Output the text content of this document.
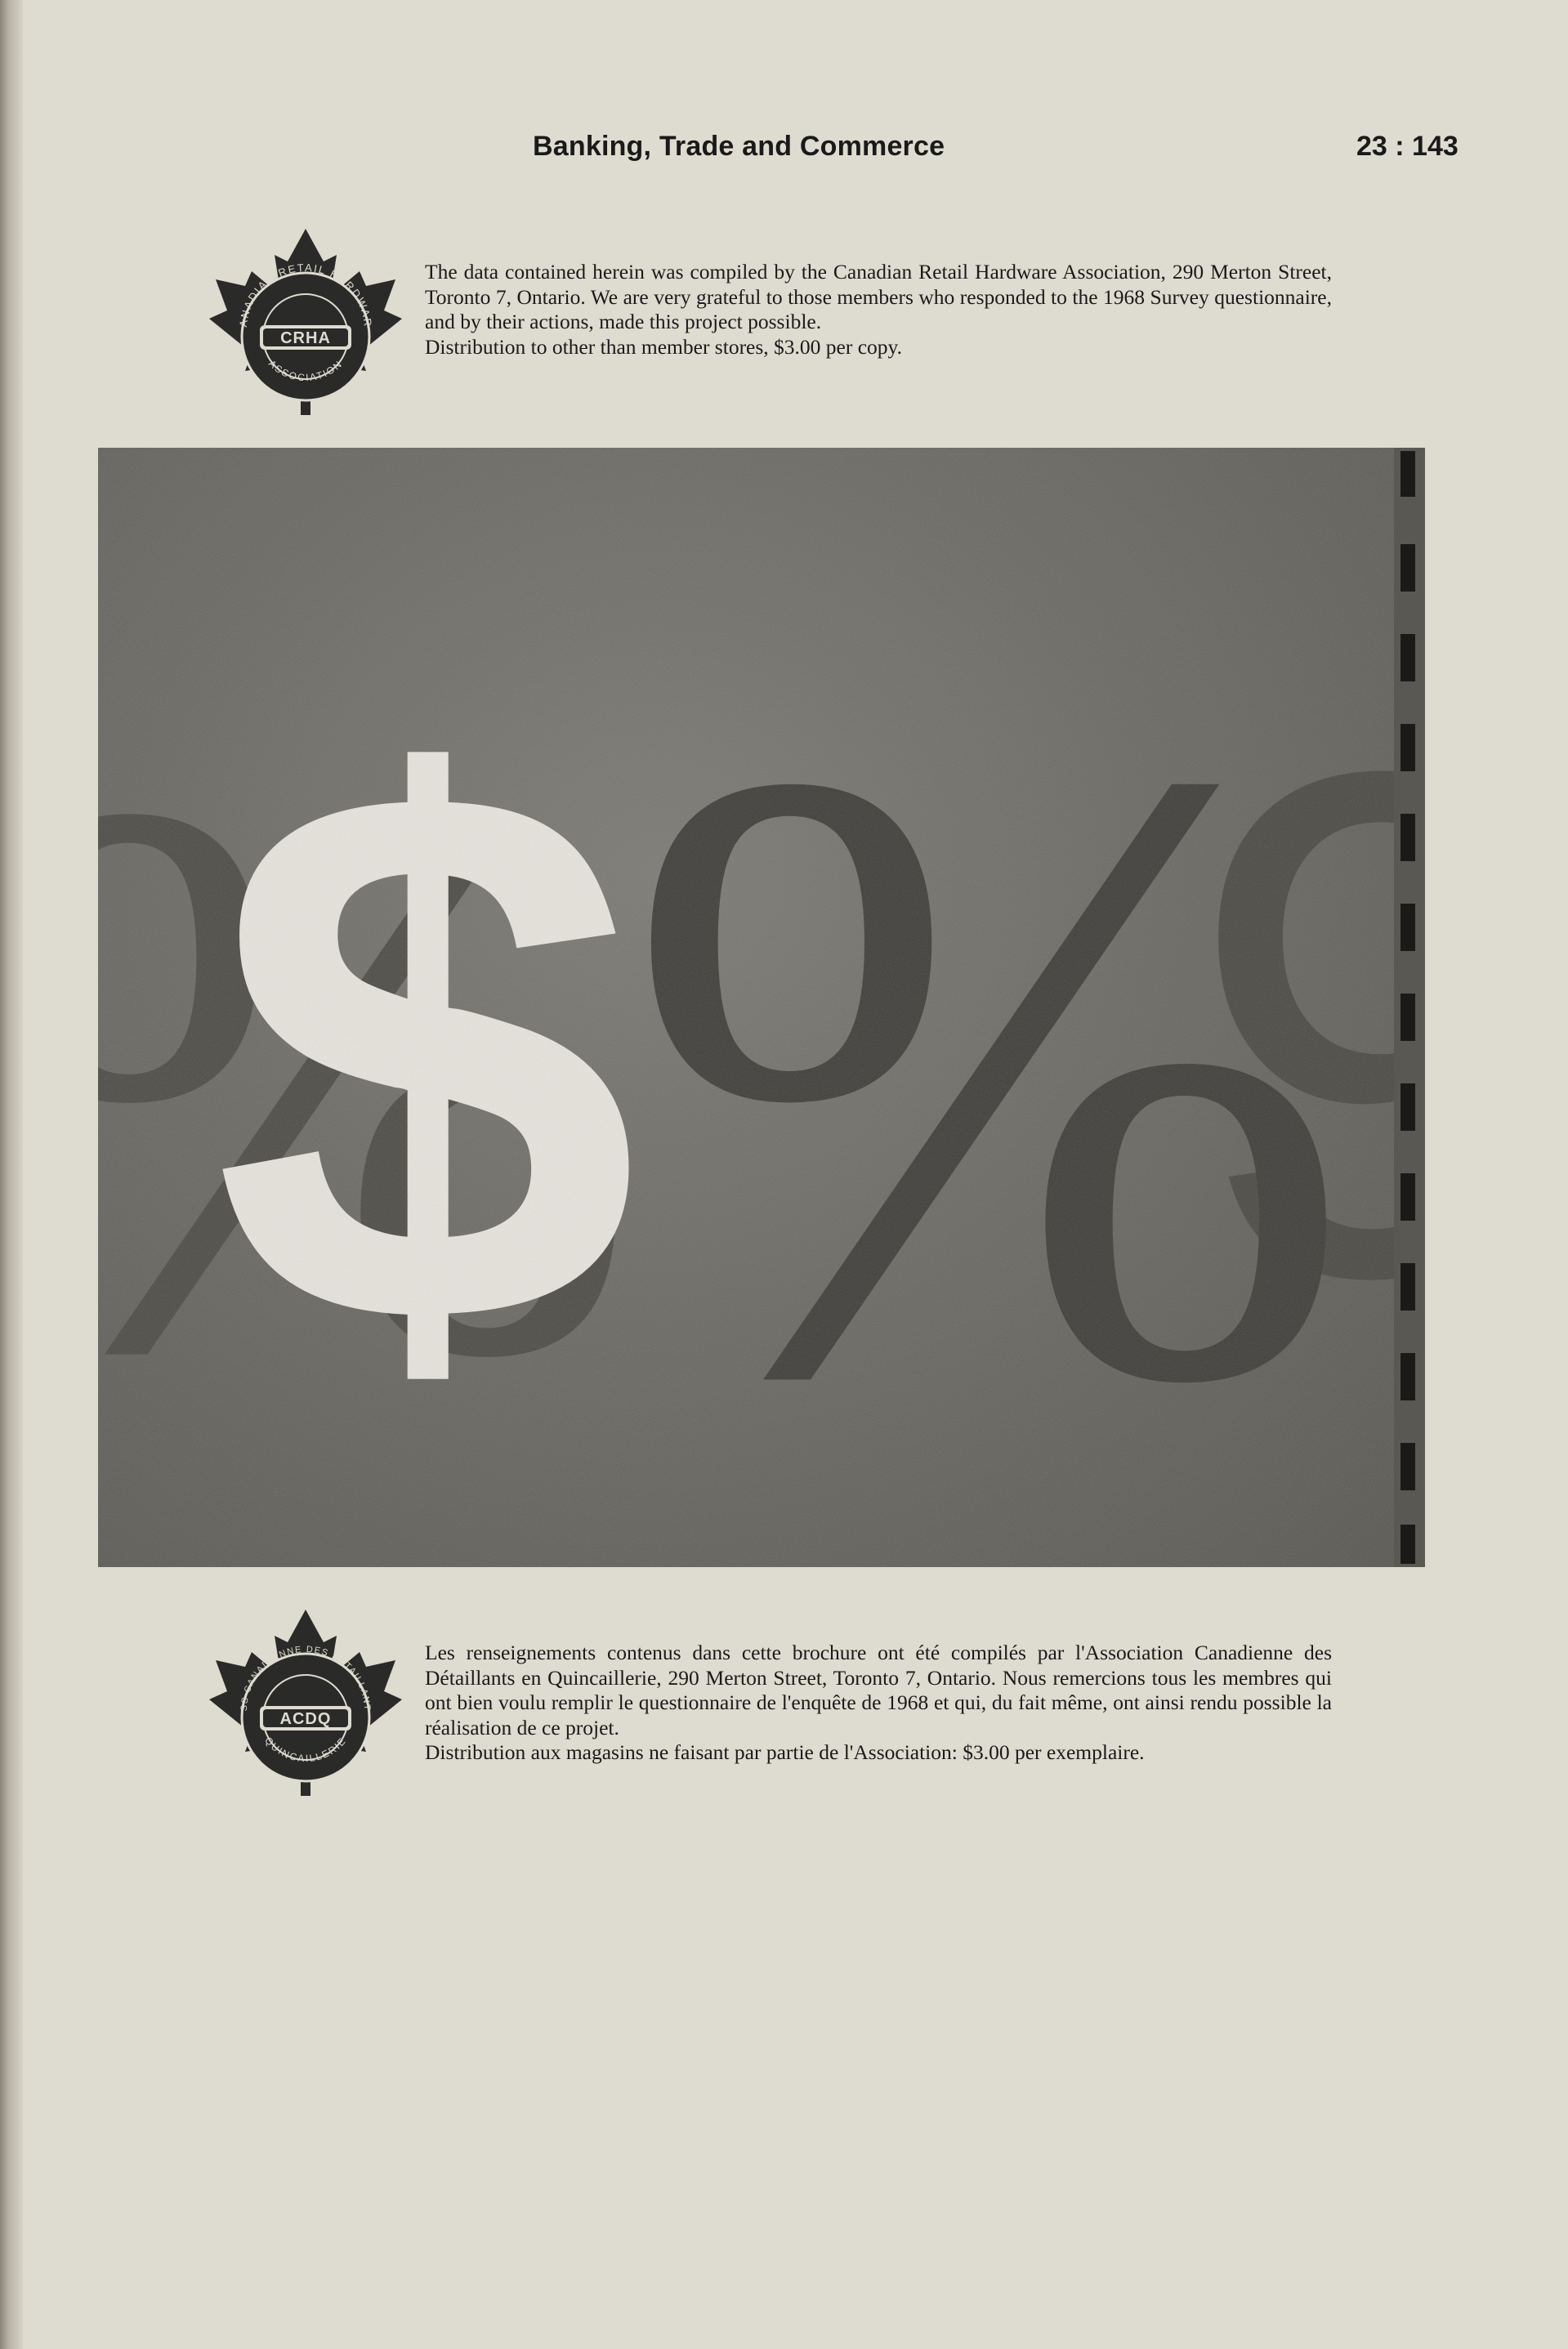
Banking, Trade and Commerce	23 : 143
ANADIAN RETAIL HARDWAR
ASSOCIATION
CRHA

The data contained herein was compiled by the Canadian Retail Hardware Association, 290 Merton Street, Toronto 7, Ontario. We are very grateful to those members who responded to the 1968 Survey questionnaire, and by their actions, made this project possible.

Distribution to other than member stores, $3.00 per copy.

SS CANADIENNE DES DÉTAILLANT
QUINCAILLERIE
ACDQ

Les renseignements contenus dans cette brochure ont été compilés par l'Association Canadienne des Détaillants en Quincaillerie, 290 Merton Street, Toronto 7, Ontario. Nous remercions tous les membres qui ont bien voulu remplir le questionnaire de l'enquête de 1968 et qui, du fait même, ont ainsi rendu possible la réalisation de ce projet.

Distribution aux magasins ne faisant par partie de l'Association: $3.00 per exemplaire.
